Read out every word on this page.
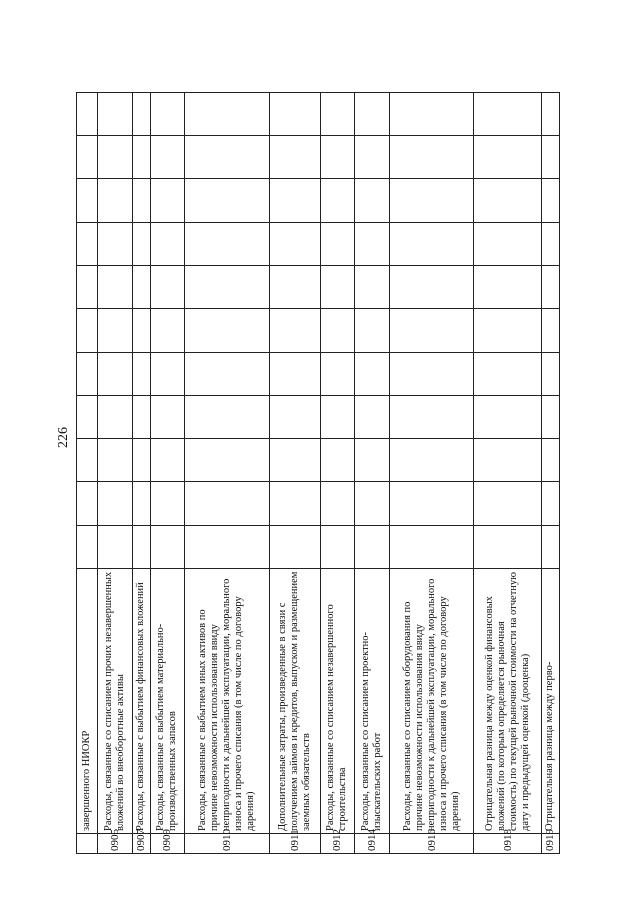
226
	завершенного НИОКР											
0905	Расходы, связанные со списанием прочих незавершенных вложений во внеоборотные активы											
0907	Расходы, связанные с выбытием финансовых вложений											
0909	Расходы, связанные с выбытием материально-производственных запасов											
0910	Расходы, связанные с выбытием иных активов по причине невозможности использования ввиду непригодности к дальнейшей эксплуатации, морального износа и прочего списания (в том числе по договору дарения)											
0911	Дополнительные затраты, произведенные в связи с получением займов и кредитов, выпуском и размещением заемных обязательств											
0912	Расходы, связанные со списанием незавершенного строительства											
0914	Расходы, связанные со списанием проектно-изыскательских работ											
0916	Расходы, связанные со списанием оборудования по причине невозможности использования ввиду непригодности к дальнейшей эксплуатации, морального износа и прочего списания (в том числе по договору дарения)											
0918	Отрицательная разница между оценкой финансовых вложений (по которым определяется рыночная стоимость) по текущей рыночной стоимости на отчетную дату и предыдущей оценкой (дооценка)											
0919	Отрицательная разница между перво-											
